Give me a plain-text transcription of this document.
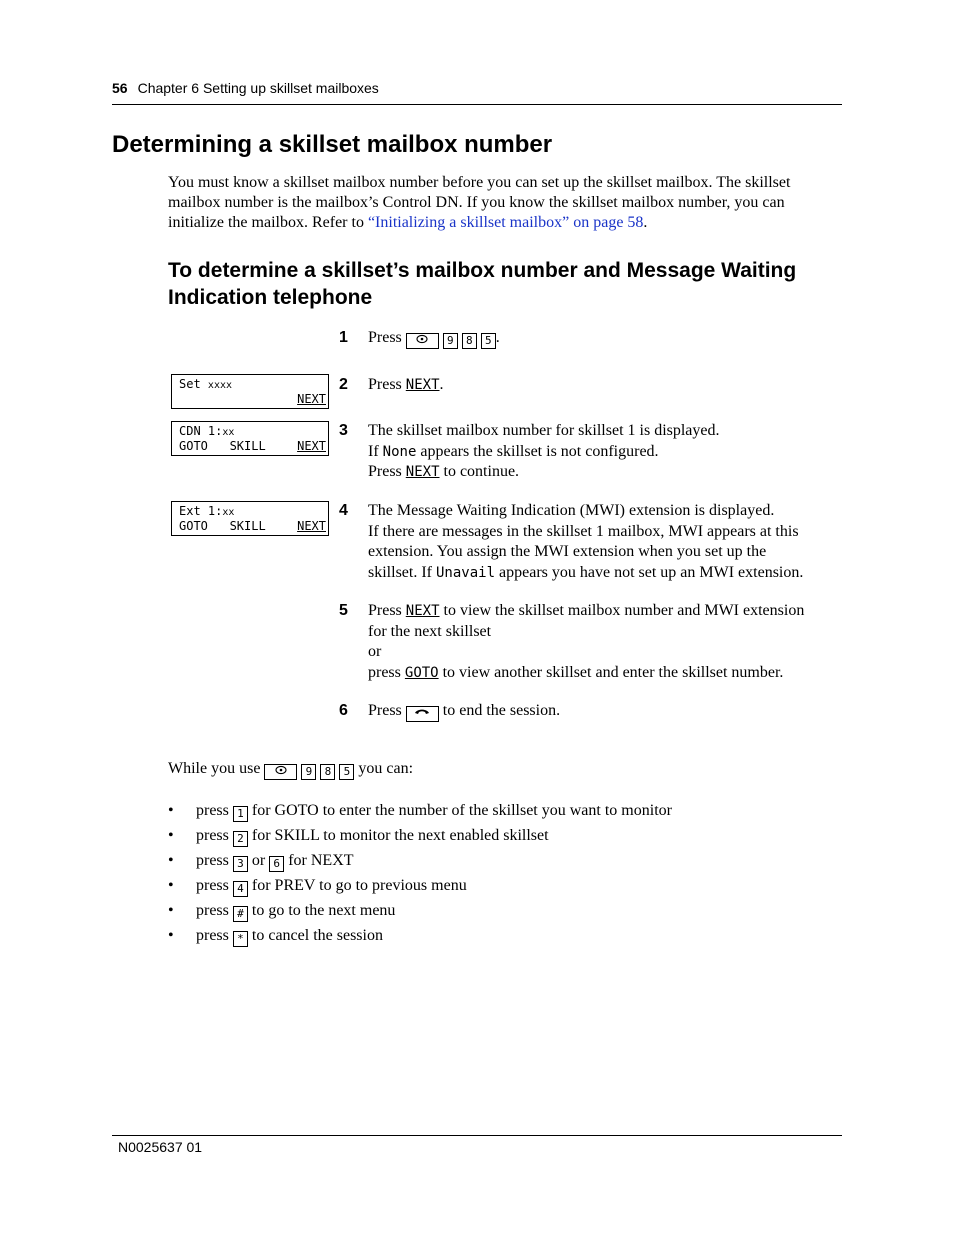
56 Chapter 6 Setting up skillset mailboxes
Determining a skillset mailbox number

You must know a skillset mailbox number before you can set up the skillset mailbox. The skillset mailbox number is the mailbox’s Control DN. If you know the skillset mailbox number, you can initialize the mailbox. Refer to “Initializing a skillset mailbox” on page 58.

To determine a skillset’s mailbox number and Message Waiting Indication telephone
Set xxxx
NEXT
CDN 1:xx
GOTO   SKILL	NEXT
Ext 1:xx
GOTO   SKILL	NEXT
1 Press	9 8 5 .
2 Press NEXT.
3 The skillset mailbox number for skillset 1 is displayed.
If None appears the skillset is not configured.
Press NEXT to continue.
4 The Message Waiting Indication (MWI) extension is displayed.
If there are messages in the skillset 1 mailbox, MWI appears at this
extension. You assign the MWI extension when you set up the
skillset. If Unavail appears you have not set up an MWI extension.
5 Press NEXT to view the skillset mailbox number and MWI extension
for the next skillset
or
press GOTO to view another skillset and enter the skillset number.
6 Press	to end the session.
While you use	9 8 5 you can:
• press 1 for GOTO to enter the number of the skillset you want to monitor
• press 2 for SKILL to monitor the next enabled skillset
• press 3 or 6 for NEXT
• press 4 for PREV to go to previous menu
• press # to go to the next menu
• press * to cancel the session
N0025637 01
